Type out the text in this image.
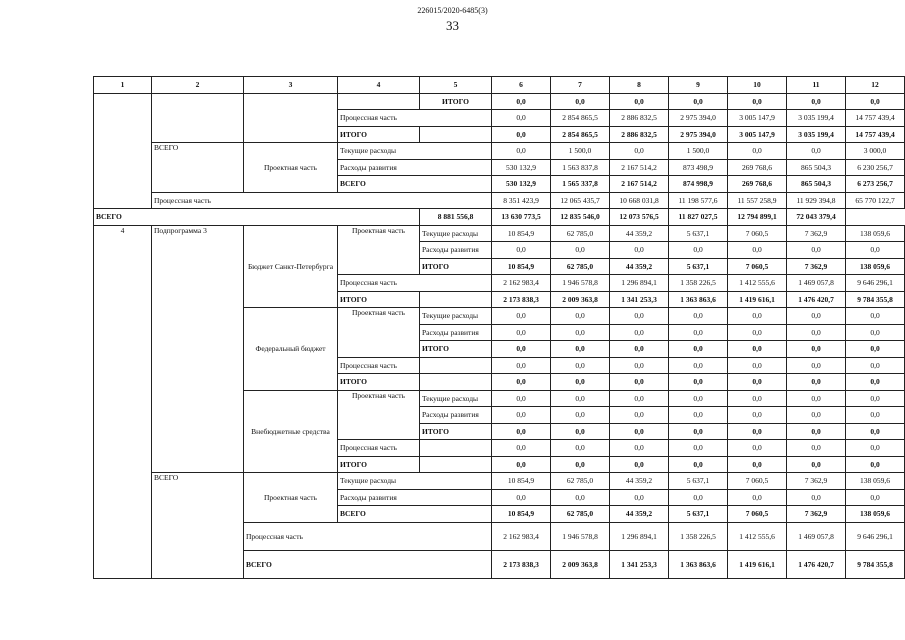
226015/2020-6485(3)
33
1	2	3	4	5	6	7	8	9	10	11	12
				ИТОГО	0,0	0,0	0,0	0,0	0,0	0,0	0,0
			Процессная часть		0,0	2 854 865,5	2 886 832,5	2 975 394,0	3 005 147,9	3 035 199,4	14 757 439,4
			ИТОГО		0,0	2 854 865,5	2 886 832,5	2 975 394,0	3 005 147,9	3 035 199,4	14 757 439,4
	ВСЕГО	Проектная часть	Текущие расходы		0,0	1 500,0	0,0	1 500,0	0,0	0,0	3 000,0
			Расходы развития		530 132,9	1 563 837,8	2 167 514,2	873 498,9	269 768,6	865 504,3	6 230 256,7
			ВСЕГО		530 132,9	1 565 337,8	2 167 514,2	874 998,9	269 768,6	865 504,3	6 273 256,7
	Процессная часть				8 351 423,9	12 065 435,7	10 668 031,8	11 198 577,6	11 557 258,9	11 929 394,8	65 770 122,7
ВСЕГО				8 881 556,8	13 630 773,5	12 835 546,0	12 073 576,5	11 827 027,5	12 794 899,1	72 043 379,4	
4	Подпрограмма 3	Бюджет Санкт-Петербурга	Проектная часть	Текущие расходы	10 854,9	62 785,0	44 359,2	5 637,1	7 060,5	7 362,9	138 059,6
				Расходы развития	0,0	0,0	0,0	0,0	0,0	0,0	0,0
				ИТОГО	10 854,9	62 785,0	44 359,2	5 637,1	7 060,5	7 362,9	138 059,6
			Процессная часть		2 162 983,4	1 946 578,8	1 296 894,1	1 358 226,5	1 412 555,6	1 469 057,8	9 646 296,1
			ИТОГО		2 173 838,3	2 009 363,8	1 341 253,3	1 363 863,6	1 419 616,1	1 476 420,7	9 784 355,8
		Федеральный бюджет	Проектная часть	Текущие расходы	0,0	0,0	0,0	0,0	0,0	0,0	0,0
				Расходы развития	0,0	0,0	0,0	0,0	0,0	0,0	0,0
				ИТОГО	0,0	0,0	0,0	0,0	0,0	0,0	0,0
			Процессная часть		0,0	0,0	0,0	0,0	0,0	0,0	0,0
			ИТОГО		0,0	0,0	0,0	0,0	0,0	0,0	0,0
		Внебюджетные средства	Проектная часть	Текущие расходы	0,0	0,0	0,0	0,0	0,0	0,0	0,0
				Расходы развития	0,0	0,0	0,0	0,0	0,0	0,0	0,0
				ИТОГО	0,0	0,0	0,0	0,0	0,0	0,0	0,0
			Процессная часть		0,0	0,0	0,0	0,0	0,0	0,0	0,0
			ИТОГО		0,0	0,0	0,0	0,0	0,0	0,0	0,0
	ВСЕГО	Проектная часть	Текущие расходы		10 854,9	62 785,0	44 359,2	5 637,1	7 060,5	7 362,9	138 059,6
			Расходы развития		0,0	0,0	0,0	0,0	0,0	0,0	0,0
			ВСЕГО		10 854,9	62 785,0	44 359,2	5 637,1	7 060,5	7 362,9	138 059,6
		Процессная часть			2 162 983,4	1 946 578,8	1 296 894,1	1 358 226,5	1 412 555,6	1 469 057,8	9 646 296,1
		ВСЕГО			2 173 838,3	2 009 363,8	1 341 253,3	1 363 863,6	1 419 616,1	1 476 420,7	9 784 355,8
